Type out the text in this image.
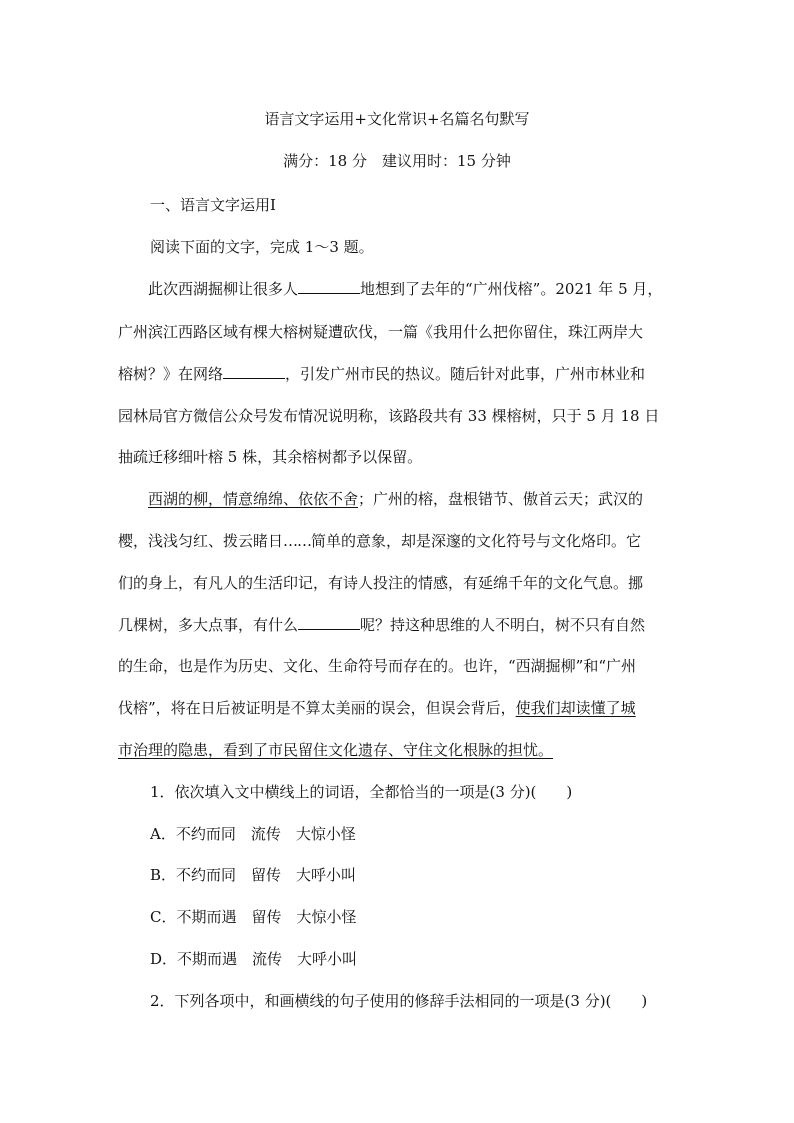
语言文字运用+文化常识+名篇名句默写
满分：18 分　建议用时：15 分钟
一、语言文字运用Ⅰ
阅读下面的文字，完成 1～3 题。
此次西湖掘柳让很多人	地想到了去年的“广州伐榕”。2021 年 5 月，
广州滨江西路区域有棵大榕树疑遭砍伐，一篇《我用什么把你留住，珠江两岸大
榕树？》在网络	，引发广州市民的热议。随后针对此事，广州市林业和
园林局官方微信公众号发布情况说明称，该路段共有 33 棵榕树，只于 5 月 18 日
抽疏迁移细叶榕 5 株，其余榕树都予以保留。
西湖的柳，情意绵绵、依依不舍；广州的榕，盘根错节、傲首云天；武汉的
樱，浅浅匀红、拨云睹日……简单的意象，却是深邃的文化符号与文化烙印。它
们的身上，有凡人的生活印记，有诗人投注的情感，有延绵千年的文化气息。挪
几棵树，多大点事，有什么	呢？持这种思维的人不明白，树不只有自然
的生命，也是作为历史、文化、生命符号而存在的。也许，“西湖掘柳”和“广州
伐榕”，将在日后被证明是不算太美丽的误会，但误会背后，使我们却读懂了城
市治理的隐患，看到了市民留住文化遗存、守住文化根脉的担忧。
1．依次填入文中横线上的词语，全都恰当的一项是(3 分)(　　)
A．不约而同　流传　大惊小怪
B．不约而同　留传　大呼小叫
C．不期而遇　留传　大惊小怪
D．不期而遇　流传　大呼小叫
2．下列各项中，和画横线的句子使用的修辞手法相同的一项是(3 分)(　　)
